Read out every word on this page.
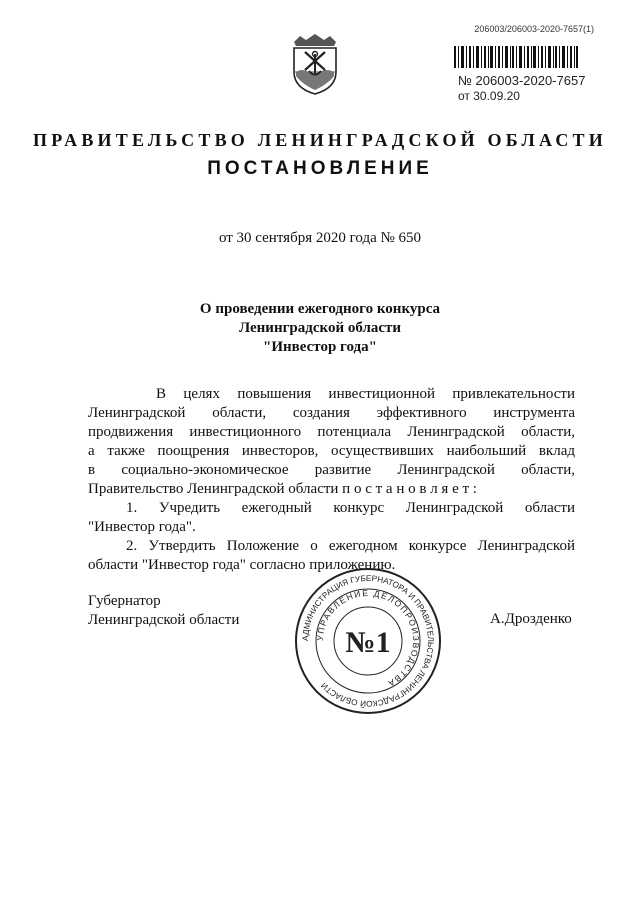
206003/206003-2020-7657(1)
№ 206003-2020-7657
от 30.09.20
ПРАВИТЕЛЬСТВО ЛЕНИНГРАДСКОЙ ОБЛАСТИ
ПОСТАНОВЛЕНИЕ
от 30 сентября 2020 года № 650
О проведении ежегодного конкурса
Ленинградской области
"Инвестор года"
В целях повышения инвестиционной привлекательности
Ленинградской области, создания эффективного инструмента
продвижения инвестиционного потенциала Ленинградской области,
а также поощрения инвесторов, осуществивших наибольший вклад
в социально-экономическое развитие Ленинградской области,
Правительство Ленинградской области п о с т а н о в л я е т :
1. Учредить ежегодный конкурс Ленинградской области
"Инвестор года".
2. Утвердить Положение о ежегодном конкурсе Ленинградской
области "Инвестор года" согласно приложению.
Губернатор
Ленинградской области	А.Дрозденко
АДМИНИСТРАЦИЯ ГУБЕРНАТОРА И ПРАВИТЕЛЬСТВА ЛЕНИНГРАДСКОЙ ОБЛАСТИ
УПРАВЛЕНИЕ ДЕЛОПРОИЗВОДСТВА
№1
